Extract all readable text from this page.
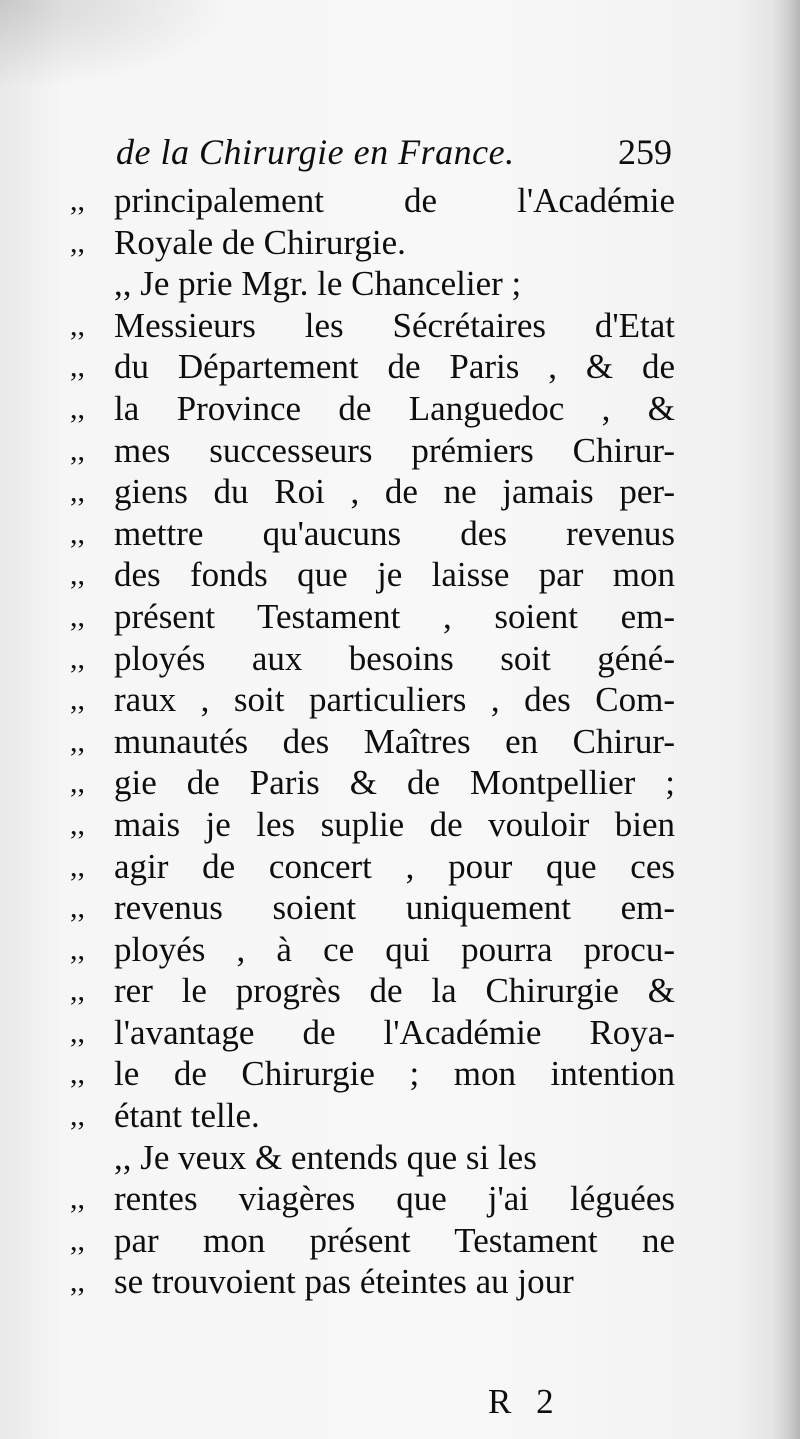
de la Chirurgie en France.	259
,, principalement de l'Académie
,, Royale de Chirurgie.
,, Je prie Mgr. le Chancelier ;
,, Messieurs les Sécrétaires d'Etat
,, du Département de Paris , & de
,, la Province de Languedoc , &
,, mes successeurs prémiers Chirur-
,, giens du Roi , de ne jamais per-
,, mettre qu'aucuns des revenus
,, des fonds que je laisse par mon
,, présent Testament , soient em-
,, ployés aux besoins soit géné-
,, raux , soit particuliers , des Com-
,, munautés des Maîtres en Chirur-
,, gie de Paris & de Montpellier ;
,, mais je les suplie de vouloir bien
,, agir de concert , pour que ces
,, revenus soient uniquement em-
,, ployés , à ce qui pourra procu-
,, rer le progrès de la Chirurgie &
,, l'avantage de l'Académie Roya-
,, le de Chirurgie ; mon intention
,, étant telle.
,, Je veux & entends que si les
,, rentes viagères que j'ai léguées
,, par mon présent Testament ne
,, se trouvoient pas éteintes au jour
R 2
